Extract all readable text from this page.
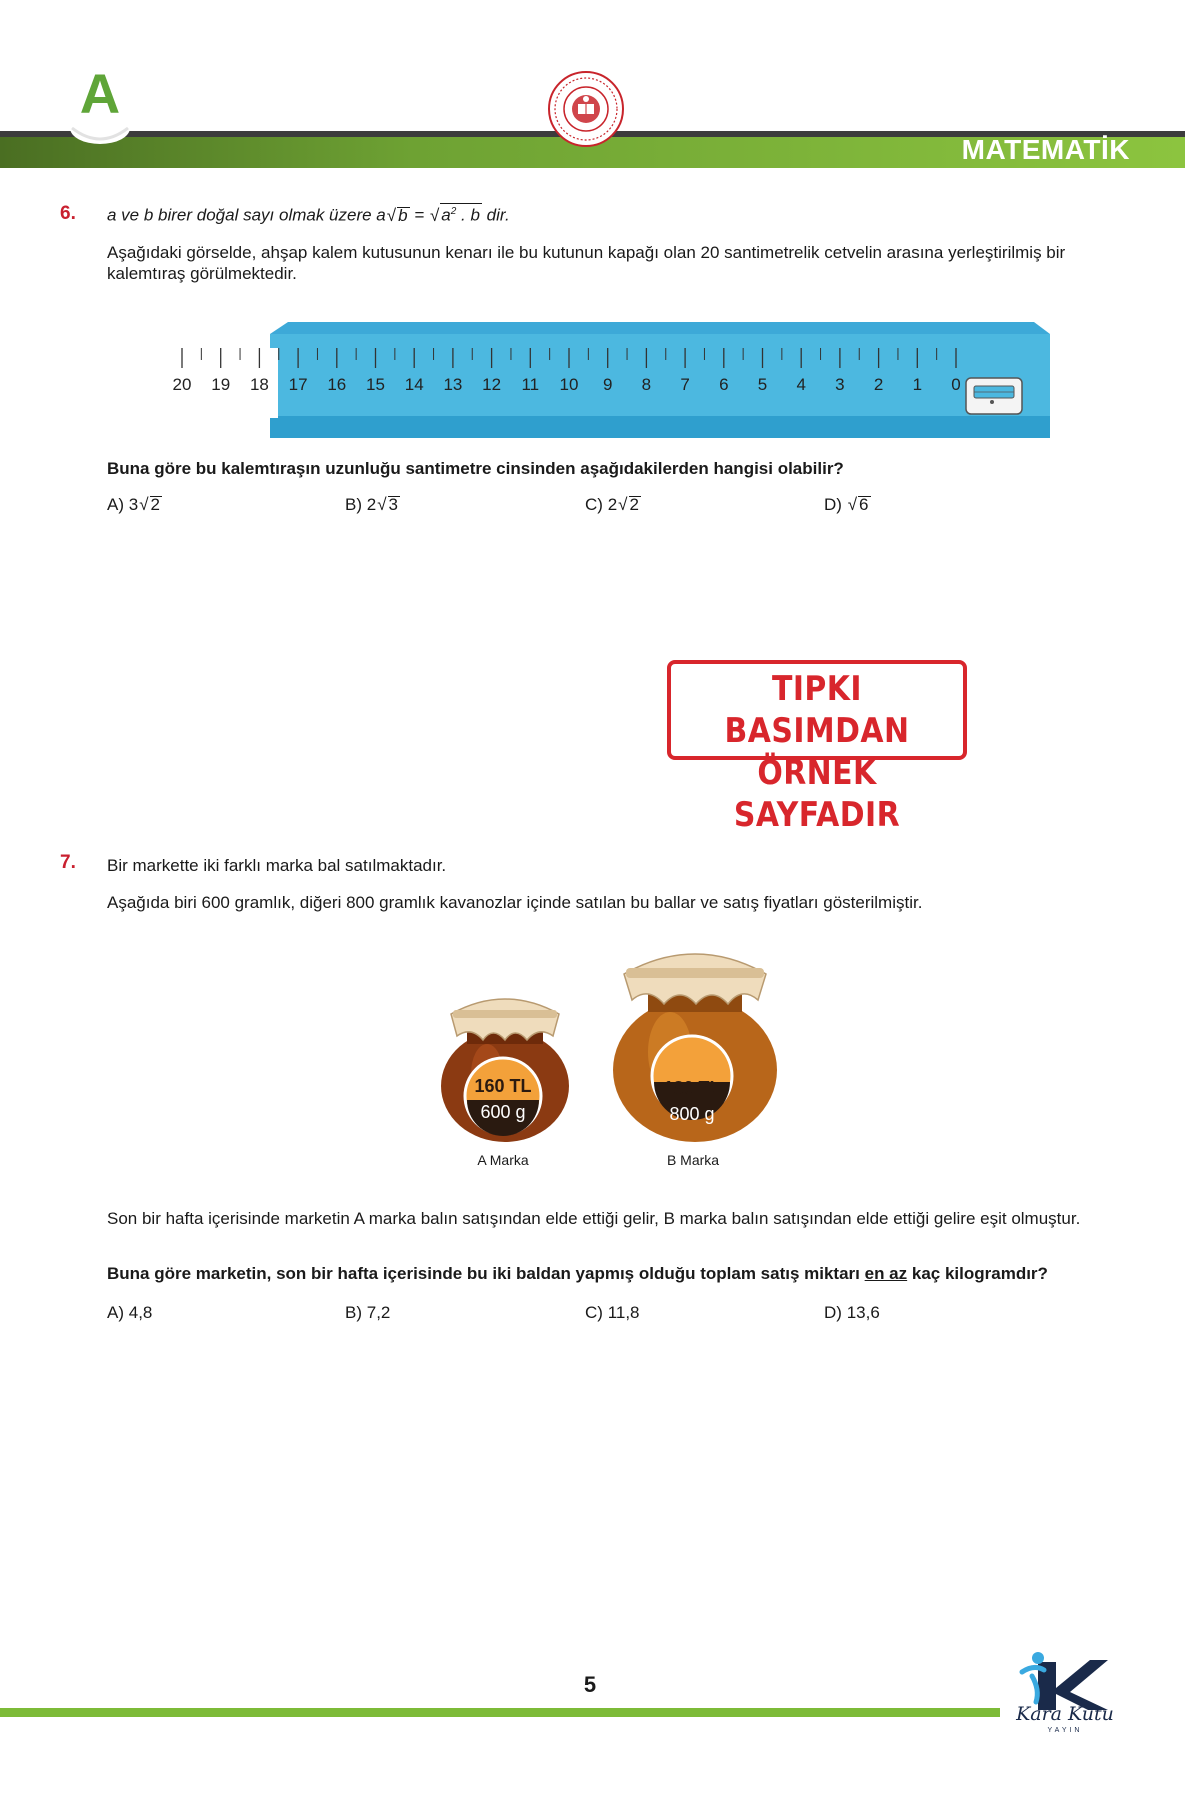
A
MATEMATİK
6. a ve b birer doğal sayı olmak üzere a√ b = √ $a^2$ . b dir.
Aşağıdaki görselde, ahşap kalem kutusunun kenarı ile bu kutunun kapağı olan 20 santimetrelik cetvelin arasına yerleştirilmiş bir kalemtıraş görülmektedir.
20 19 18 17 16 15 14 13 12 11 10 9 8 7 6 5 4 3 2 1 0
Buna göre bu kalemtıraşın uzunluğu santimetre cinsinden aşağıdakilerden hangisi olabilir?
A) 3√ 2	B) 2√ 3	C) 2√ 2	D) √ 6
TIPKI BASIMDAN
ÖRNEK SAYFADIR
7. Bir markette iki farklı marka bal satılmaktadır.
Aşağıda biri 600 gramlık, diğeri 800 gramlık kavanozlar içinde satılan bu ballar ve satış fiyatları gösterilmiştir.
160 TL
600 g
A Marka
180 TL
800 g
B Marka
Son bir hafta içerisinde marketin A marka balın satışından elde ettiği gelir, B marka balın satışından elde ettiği gelire eşit olmuştur.
Buna göre marketin, son bir hafta içerisinde bu iki baldan yapmış olduğu toplam satış miktarı en az kaç kilogramdır?
A) 4,8	B) 7,2	C) 11,8	D) 13,6
5
Kara Kutu
YAYIN
